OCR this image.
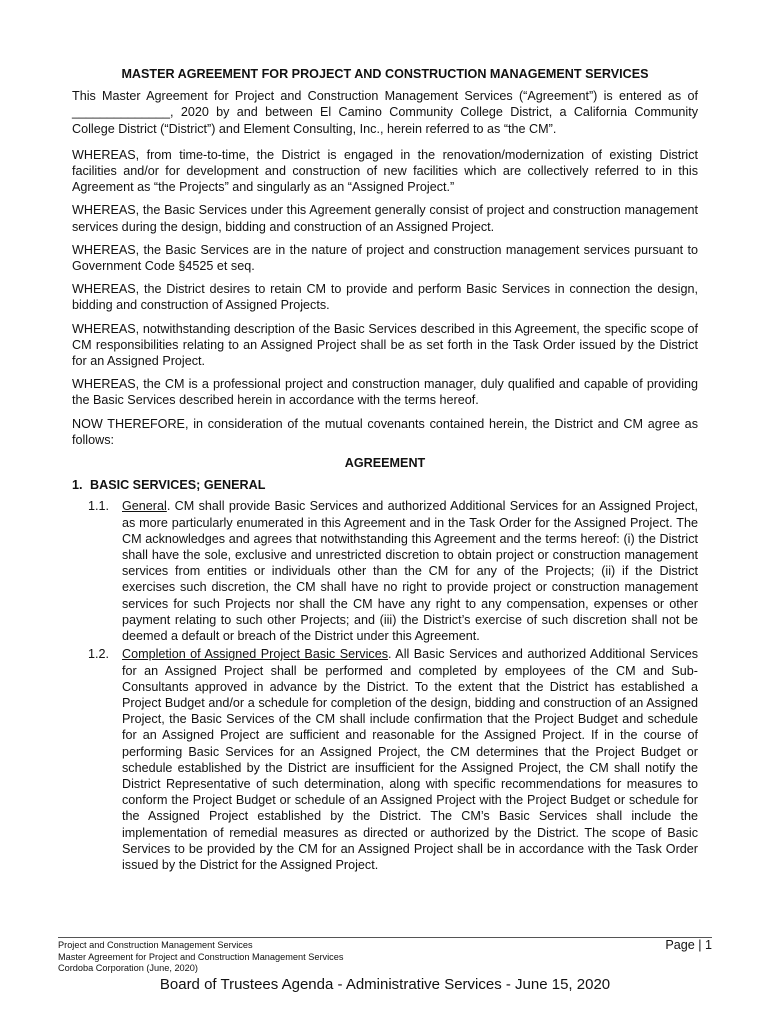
MASTER AGREEMENT FOR PROJECT AND CONSTRUCTION MANAGEMENT SERVICES

This Master Agreement for Project and Construction Management Services (“Agreement”) is entered as of ______________, 2020 by and between El Camino Community College District, a California Community College District (“District”) and Element Consulting, Inc., herein referred to as “the CM”.

WHEREAS, from time-to-time, the District is engaged in the renovation/modernization of existing District facilities and/or for development and construction of new facilities which are collectively referred to in this Agreement as “the Projects” and singularly as an “Assigned Project.”

WHEREAS, the Basic Services under this Agreement generally consist of project and construction management services during the design, bidding and construction of an Assigned Project.

WHEREAS, the Basic Services are in the nature of project and construction management services pursuant to Government Code §4525 et seq.

WHEREAS, the District desires to retain CM to provide and perform Basic Services in connection the design, bidding and construction of Assigned Projects.

WHEREAS, notwithstanding description of the Basic Services described in this Agreement, the specific scope of CM responsibilities relating to an Assigned Project shall be as set forth in the Task Order issued by the District for an Assigned Project.

WHEREAS, the CM is a professional project and construction manager, duly qualified and capable of providing the Basic Services described herein in accordance with the terms hereof.

NOW THEREFORE, in consideration of the mutual covenants contained herein, the District and CM agree as follows:

AGREEMENT

1. BASIC SERVICES; GENERAL

1.1. General. CM shall provide Basic Services and authorized Additional Services for an Assigned Project, as more particularly enumerated in this Agreement and in the Task Order for the Assigned Project. The CM acknowledges and agrees that notwithstanding this Agreement and the terms hereof: (i) the District shall have the sole, exclusive and unrestricted discretion to obtain project or construction management services from entities or individuals other than the CM for any of the Projects; (ii) if the District exercises such discretion, the CM shall have no right to provide project or construction management services for such Projects nor shall the CM have any right to any compensation, expenses or other payment relating to such other Projects; and (iii) the District’s exercise of such discretion shall not be deemed a default or breach of the District under this Agreement.

1.2. Completion of Assigned Project Basic Services. All Basic Services and authorized Additional Services for an Assigned Project shall be performed and completed by employees of the CM and Sub-Consultants approved in advance by the District. To the extent that the District has established a Project Budget and/or a schedule for completion of the design, bidding and construction of an Assigned Project, the Basic Services of the CM shall include confirmation that the Project Budget and schedule for an Assigned Project are sufficient and reasonable for the Assigned Project. If in the course of performing Basic Services for an Assigned Project, the CM determines that the Project Budget or schedule established by the District are insufficient for the Assigned Project, the CM shall notify the District Representative of such determination, along with specific recommendations for measures to conform the Project Budget or schedule of an Assigned Project with the Project Budget or schedule for the Assigned Project established by the District. The CM’s Basic Services shall include the implementation of remedial measures as directed or authorized by the District. The scope of Basic Services to be provided by the CM for an Assigned Project shall be in accordance with the Task Order issued by the District for the Assigned Project.

Project and Construction Management Services
Master Agreement for Project and Construction Management Services
Cordoba Corporation (June, 2020)
Page | 1
Board of Trustees Agenda - Administrative Services - June 15, 2020
